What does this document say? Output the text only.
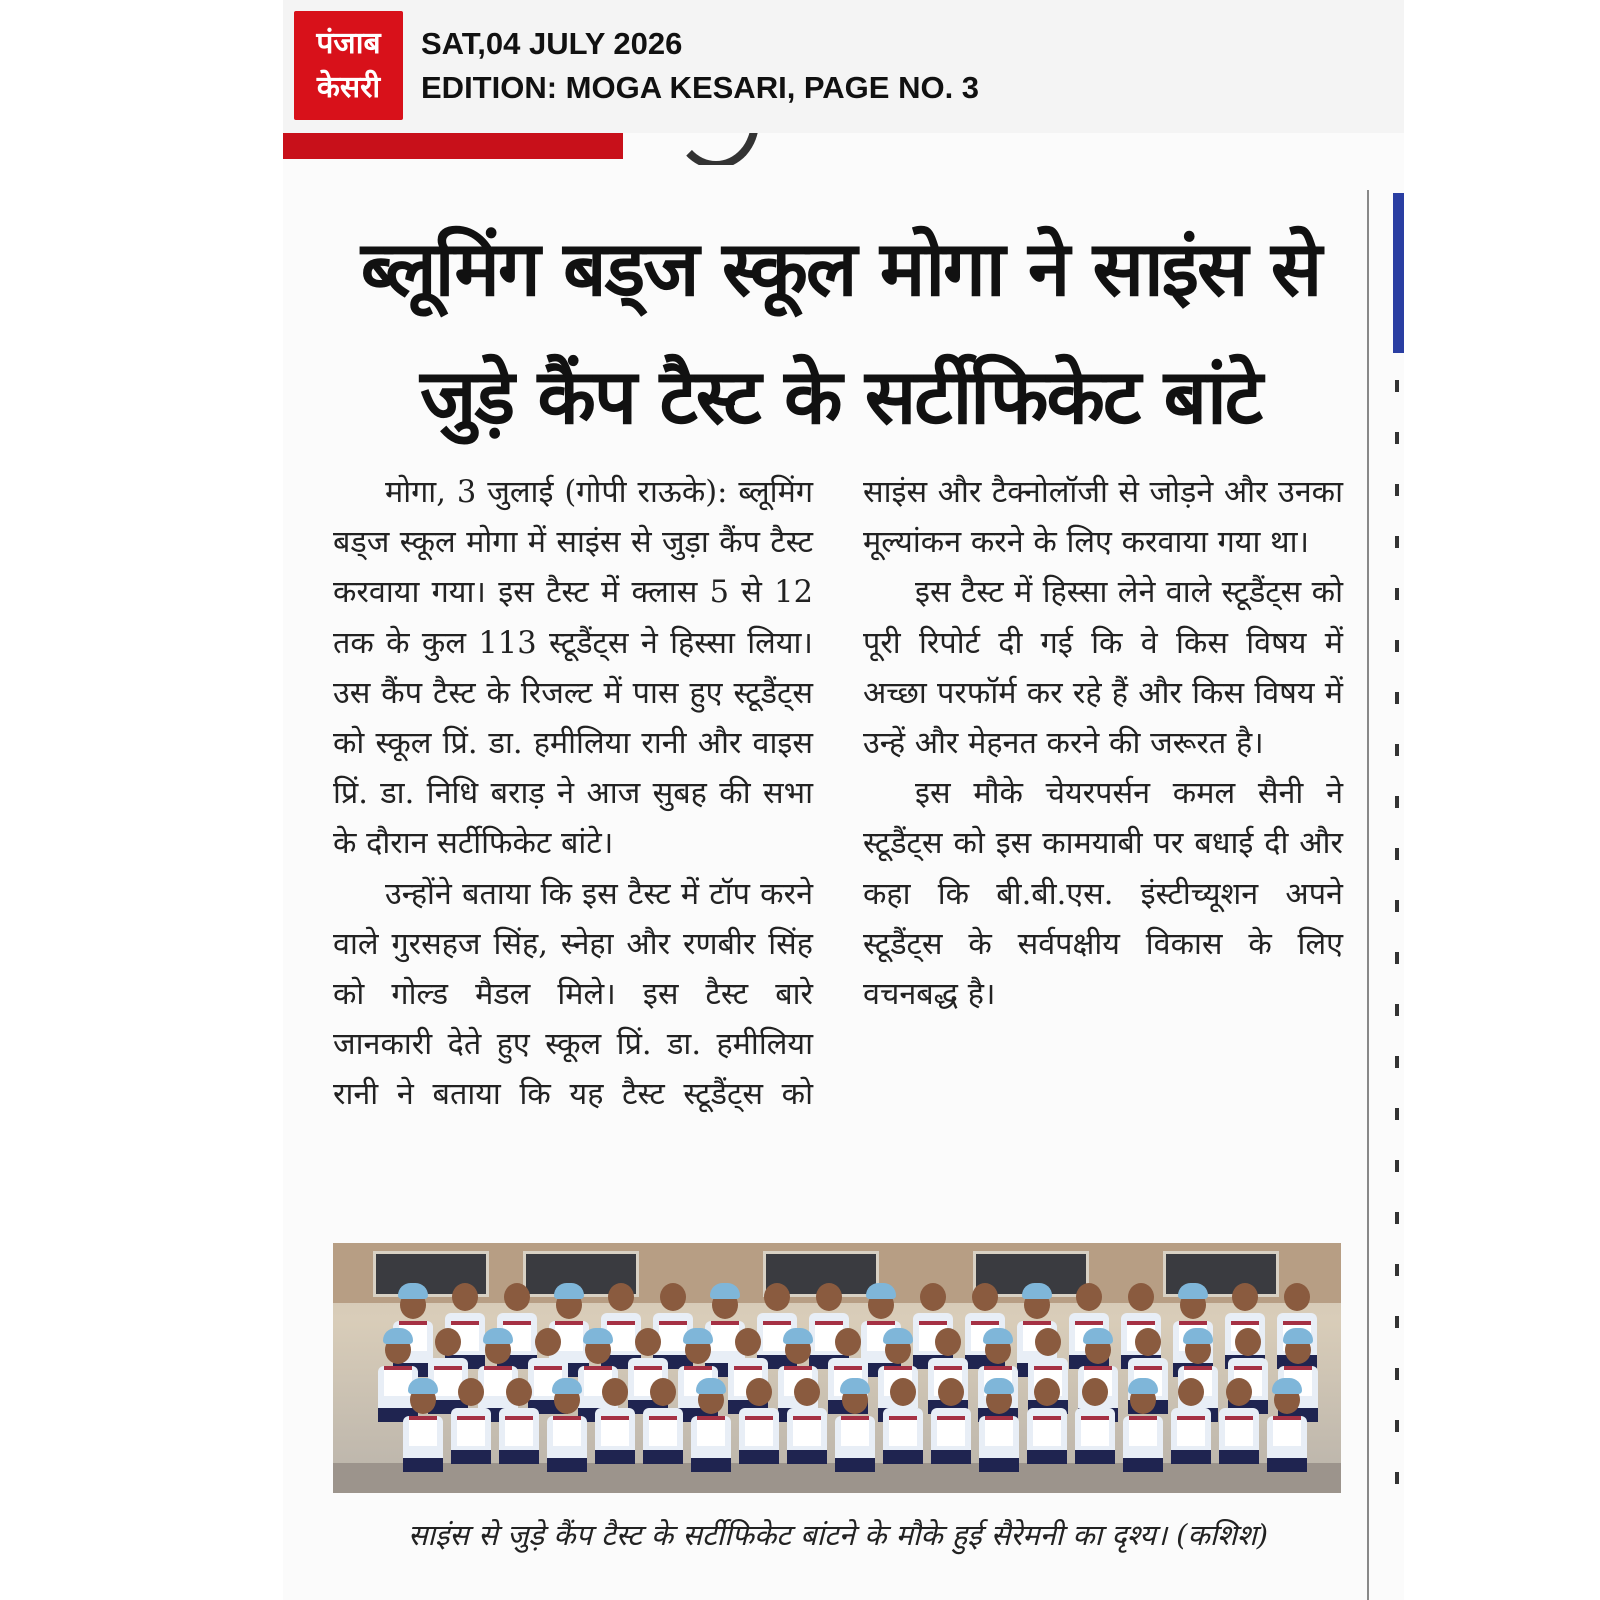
पंजाब
केसरी
SAT,04 JULY 2026
EDITION: MOGA KESARI, PAGE NO. 3
ब्लूमिंग बड्ज स्कूल मोगा ने साइंस से जुड़े कैंप टैस्ट के सर्टीफिकेट बांटे

मोगा, 3 जुलाई (गोपी राऊके): ब्लूमिंग बड्ज स्कूल मोगा में साइंस से जुड़ा कैंप टैस्ट करवाया गया। इस टैस्ट में क्लास 5 से 12 तक के कुल 113 स्टूडैंट्स ने हिस्सा लिया। उस कैंप टैस्ट के रिजल्ट में पास हुए स्टूडैंट्स को स्कूल प्रिं. डा. हमीलिया रानी और वाइस प्रिं. डा. निधि बराड़ ने आज सुबह की सभा के दौरान सर्टीफिकेट बांटे।

उन्होंने बताया कि इस टैस्ट में टॉप करने वाले गुरसहज सिंह, स्नेहा और रणबीर सिंह को गोल्ड मैडल मिले। इस टैस्ट बारे जानकारी देते हुए स्कूल प्रिं. डा. हमीलिया रानी ने बताया कि यह टैस्ट स्टूडैंट्स को साइंस और टैक्नोलॉजी से जोड़ने और उनका मूल्यांकन करने के लिए करवाया गया था।

इस टैस्ट में हिस्सा लेने वाले स्टूडैंट्स को पूरी रिपोर्ट दी गई कि वे किस विषय में अच्छा परफॉर्म कर रहे हैं और किस विषय में उन्हें और मेहनत करने की जरूरत है।

इस मौके चेयरपर्सन कमल सैनी ने स्टूडैंट्स को इस कामयाबी पर बधाई दी और कहा कि बी.बी.एस. इंस्टीच्यूशन अपने स्टूडैंट्स के सर्वपक्षीय विकास के लिए वचनबद्ध है।

साइंस से जुड़े कैंप टैस्ट के सर्टीफिकेट बांटने के मौके हुई सैरेमनी का दृश्य। (कशिश)
